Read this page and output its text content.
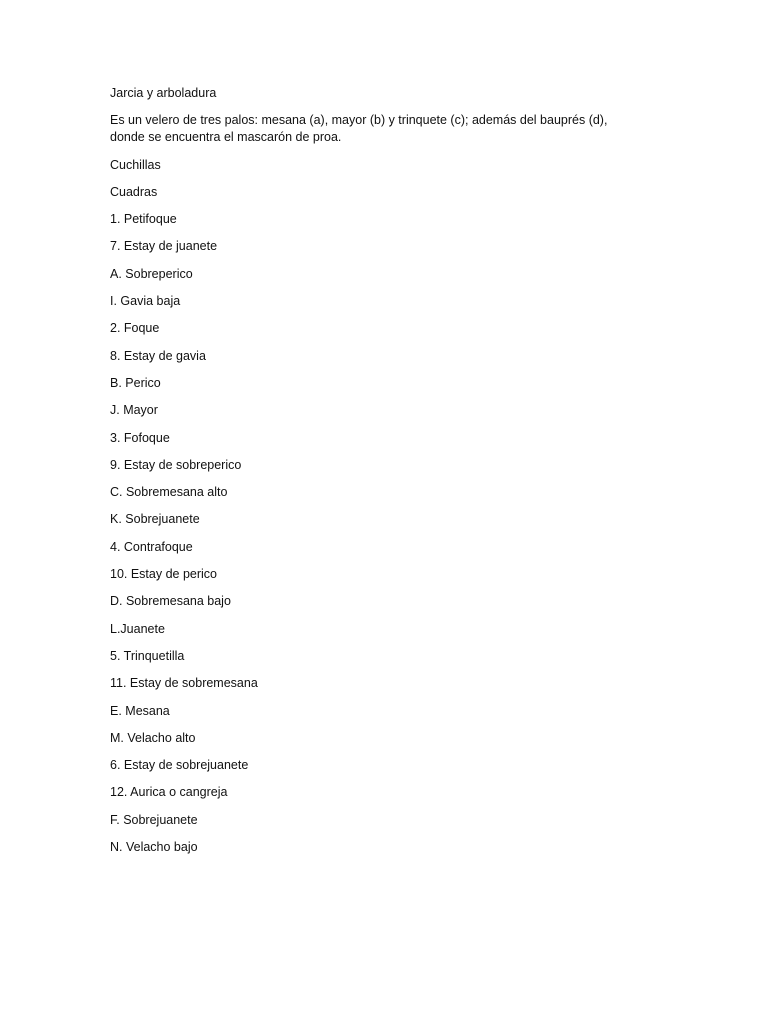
Jarcia y arboladura
Es un velero de tres palos: mesana (a), mayor (b) y trinquete (c); además del bauprés (d),
donde se encuentra el mascarón de proa.
Cuchillas
Cuadras
1. Petifoque
7. Estay de juanete
A. Sobreperico
I. Gavia baja
2. Foque
8. Estay de gavia
B. Perico
J. Mayor
3. Fofoque
9. Estay de sobreperico
C. Sobremesana alto
K. Sobrejuanete
4. Contrafoque
10. Estay de perico
D. Sobremesana bajo
L.Juanete
5. Trinquetilla
11. Estay de sobremesana
E. Mesana
M. Velacho alto
6. Estay de sobrejuanete
12. Aurica o cangreja
F. Sobrejuanete
N. Velacho bajo
